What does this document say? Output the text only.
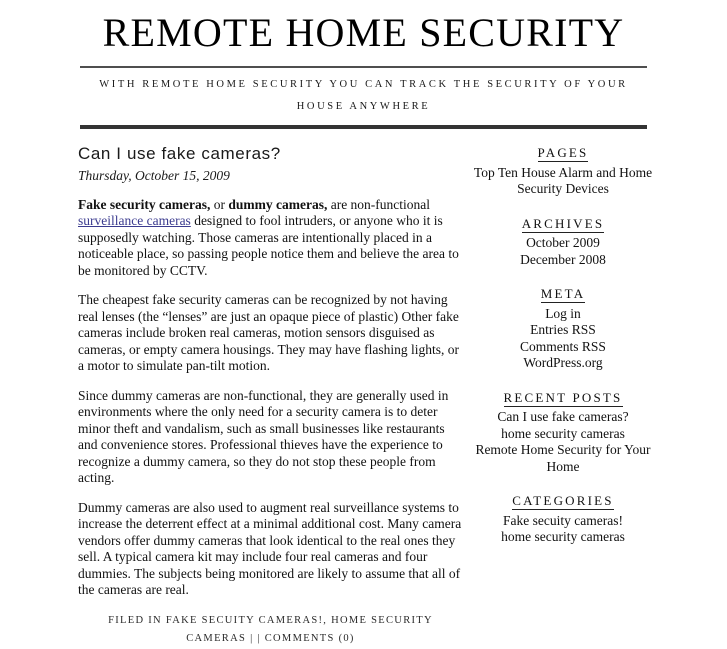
REMOTE HOME SECURITY
WITH REMOTE HOME SECURITY YOU CAN TRACK THE SECURITY OF YOUR HOUSE ANYWHERE
Can I use fake cameras?
Thursday, October 15, 2009

Fake security cameras, or dummy cameras, are non-functional surveillance cameras designed to fool intruders, or anyone who it is supposedly watching. Those cameras are intentionally placed in a noticeable place, so passing people notice them and believe the area to be monitored by CCTV.

The cheapest fake security cameras can be recognized by not having real lenses (the “lenses” are just an opaque piece of plastic) Other fake cameras include broken real cameras, motion sensors disguised as cameras, or empty camera housings. They may have flashing lights, or a motor to simulate pan-tilt motion.

Since dummy cameras are non-functional, they are generally used in environments where the only need for a security camera is to deter minor theft and vandalism, such as small businesses like restaurants and convenience stores. Professional thieves have the experience to recognize a dummy camera, so they do not stop these people from acting.

Dummy cameras are also used to augment real surveillance systems to increase the deterrent effect at a minimal additional cost. Many camera vendors offer dummy cameras that look identical to the real ones they sell. A typical camera kit may include four real cameras and four dummies. The subjects being monitored are likely to assume that all of the cameras are real.

FILED IN FAKE SECUITY CAMERAS!, HOME SECURITY CAMERAS | | COMMENTS (0)
PAGES
Top Ten House Alarm and Home Security Devices
ARCHIVES
October 2009
December 2008
META
Log in
Entries RSS
Comments RSS
WordPress.org
RECENT POSTS
Can I use fake cameras?
home security cameras
Remote Home Security for Your Home
CATEGORIES
Fake secuity cameras!
home security cameras
